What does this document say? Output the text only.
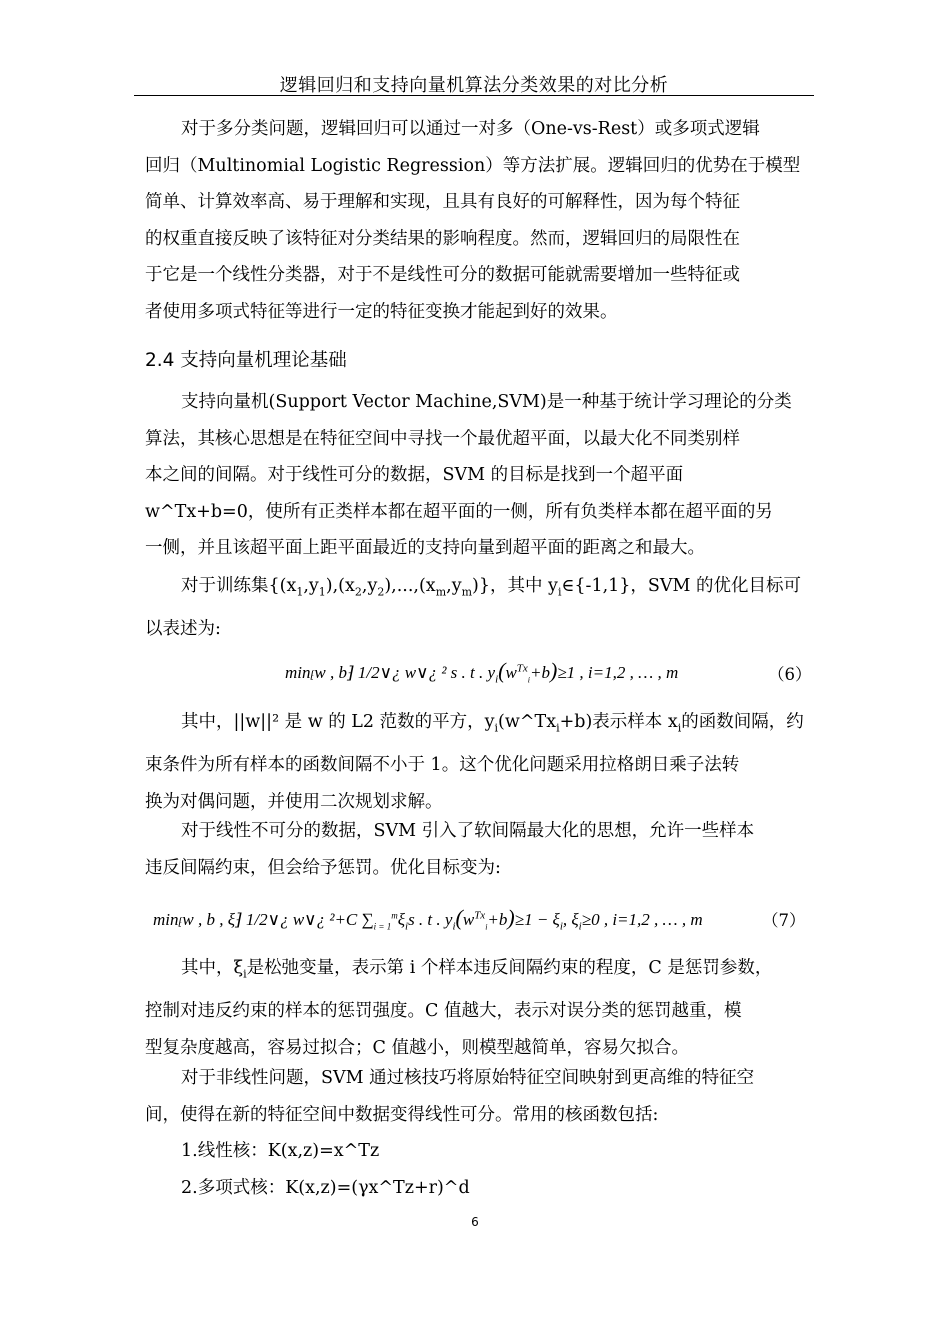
逻辑回归和支持向量机算法分类效果的对比分析
对于多分类问题，逻辑回归可以通过一对多（One-vs-Rest）或多项式逻辑
回归（Multinomial Logistic Regression）等方法扩展。逻辑回归的优势在于模型
简单、计算效率高、易于理解和实现，且具有良好的可解释性，因为每个特征
的权重直接反映了该特征对分类结果的影响程度。然而，逻辑回归的局限性在
于它是一个线性分类器，对于不是线性可分的数据可能就需要增加一些特征或
者使用多项式特征等进行一定的特征变换才能起到好的效果。
2.4 支持向量机理论基础
支持向量机(Support Vector Machine,SVM)是一种基于统计学习理论的分类
算法，其核心思想是在特征空间中寻找一个最优超平面，以最大化不同类别样
本之间的间隔。对于线性可分的数据，SVM 的目标是找到一个超平面
w^Tx+b=0，使所有正类样本都在超平面的一侧，所有负类样本都在超平面的另
一侧，并且该超平面上距平面最近的支持向量到超平面的距离之和最大。
对于训练集$\{(x_1,y_1),(x_2,y_2),...,(x_m,y_m)\}$，其中 $y_i\in\{-1,1\}$，SVM 的优化目标可
以表述为:
min⁅w , b⁆ 1/2∨¿ w∨¿ ² s . t . $y_i(w^{Tx}_i+b)\ge 1$ , i=1,2 , … , m	（6）
其中，||w||² 是 w 的 L2 范数的平方，$y_i(w\^{}Tx_i+b)$表示样本 $x_i$的函数间隔，约
束条件为所有样本的函数间隔不小于 1。这个优化问题采用拉格朗日乘子法转
换为对偶问题，并使用二次规划求解。
对于线性不可分的数据，SVM 引入了软间隔最大化的思想，允许一些样本
违反间隔约束，但会给予惩罚。优化目标变为:
min⁅w , b , ξ⁆ 1/2∨¿ w∨¿ ²+C $\sum_{i = 1}^m\xi_is$ . t . $y_i(w^{Tx}_i+b)\ge 1 - \xi_i$, $\xi_i\ge 0$ , i=1,2 , … , m	（7）
其中，$\xi_i$是松弛变量，表示第 i 个样本违反间隔约束的程度，C 是惩罚参数，
控制对违反约束的样本的惩罚强度。C 值越大，表示对误分类的惩罚越重，模
型复杂度越高，容易过拟合；C 值越小，则模型越简单，容易欠拟合。
对于非线性问题，SVM 通过核技巧将原始特征空间映射到更高维的特征空
间，使得在新的特征空间中数据变得线性可分。常用的核函数包括:
1.线性核：K(x,z)=x^Tz
2.多项式核：K(x,z)=(γx^Tz+r)^d
6
